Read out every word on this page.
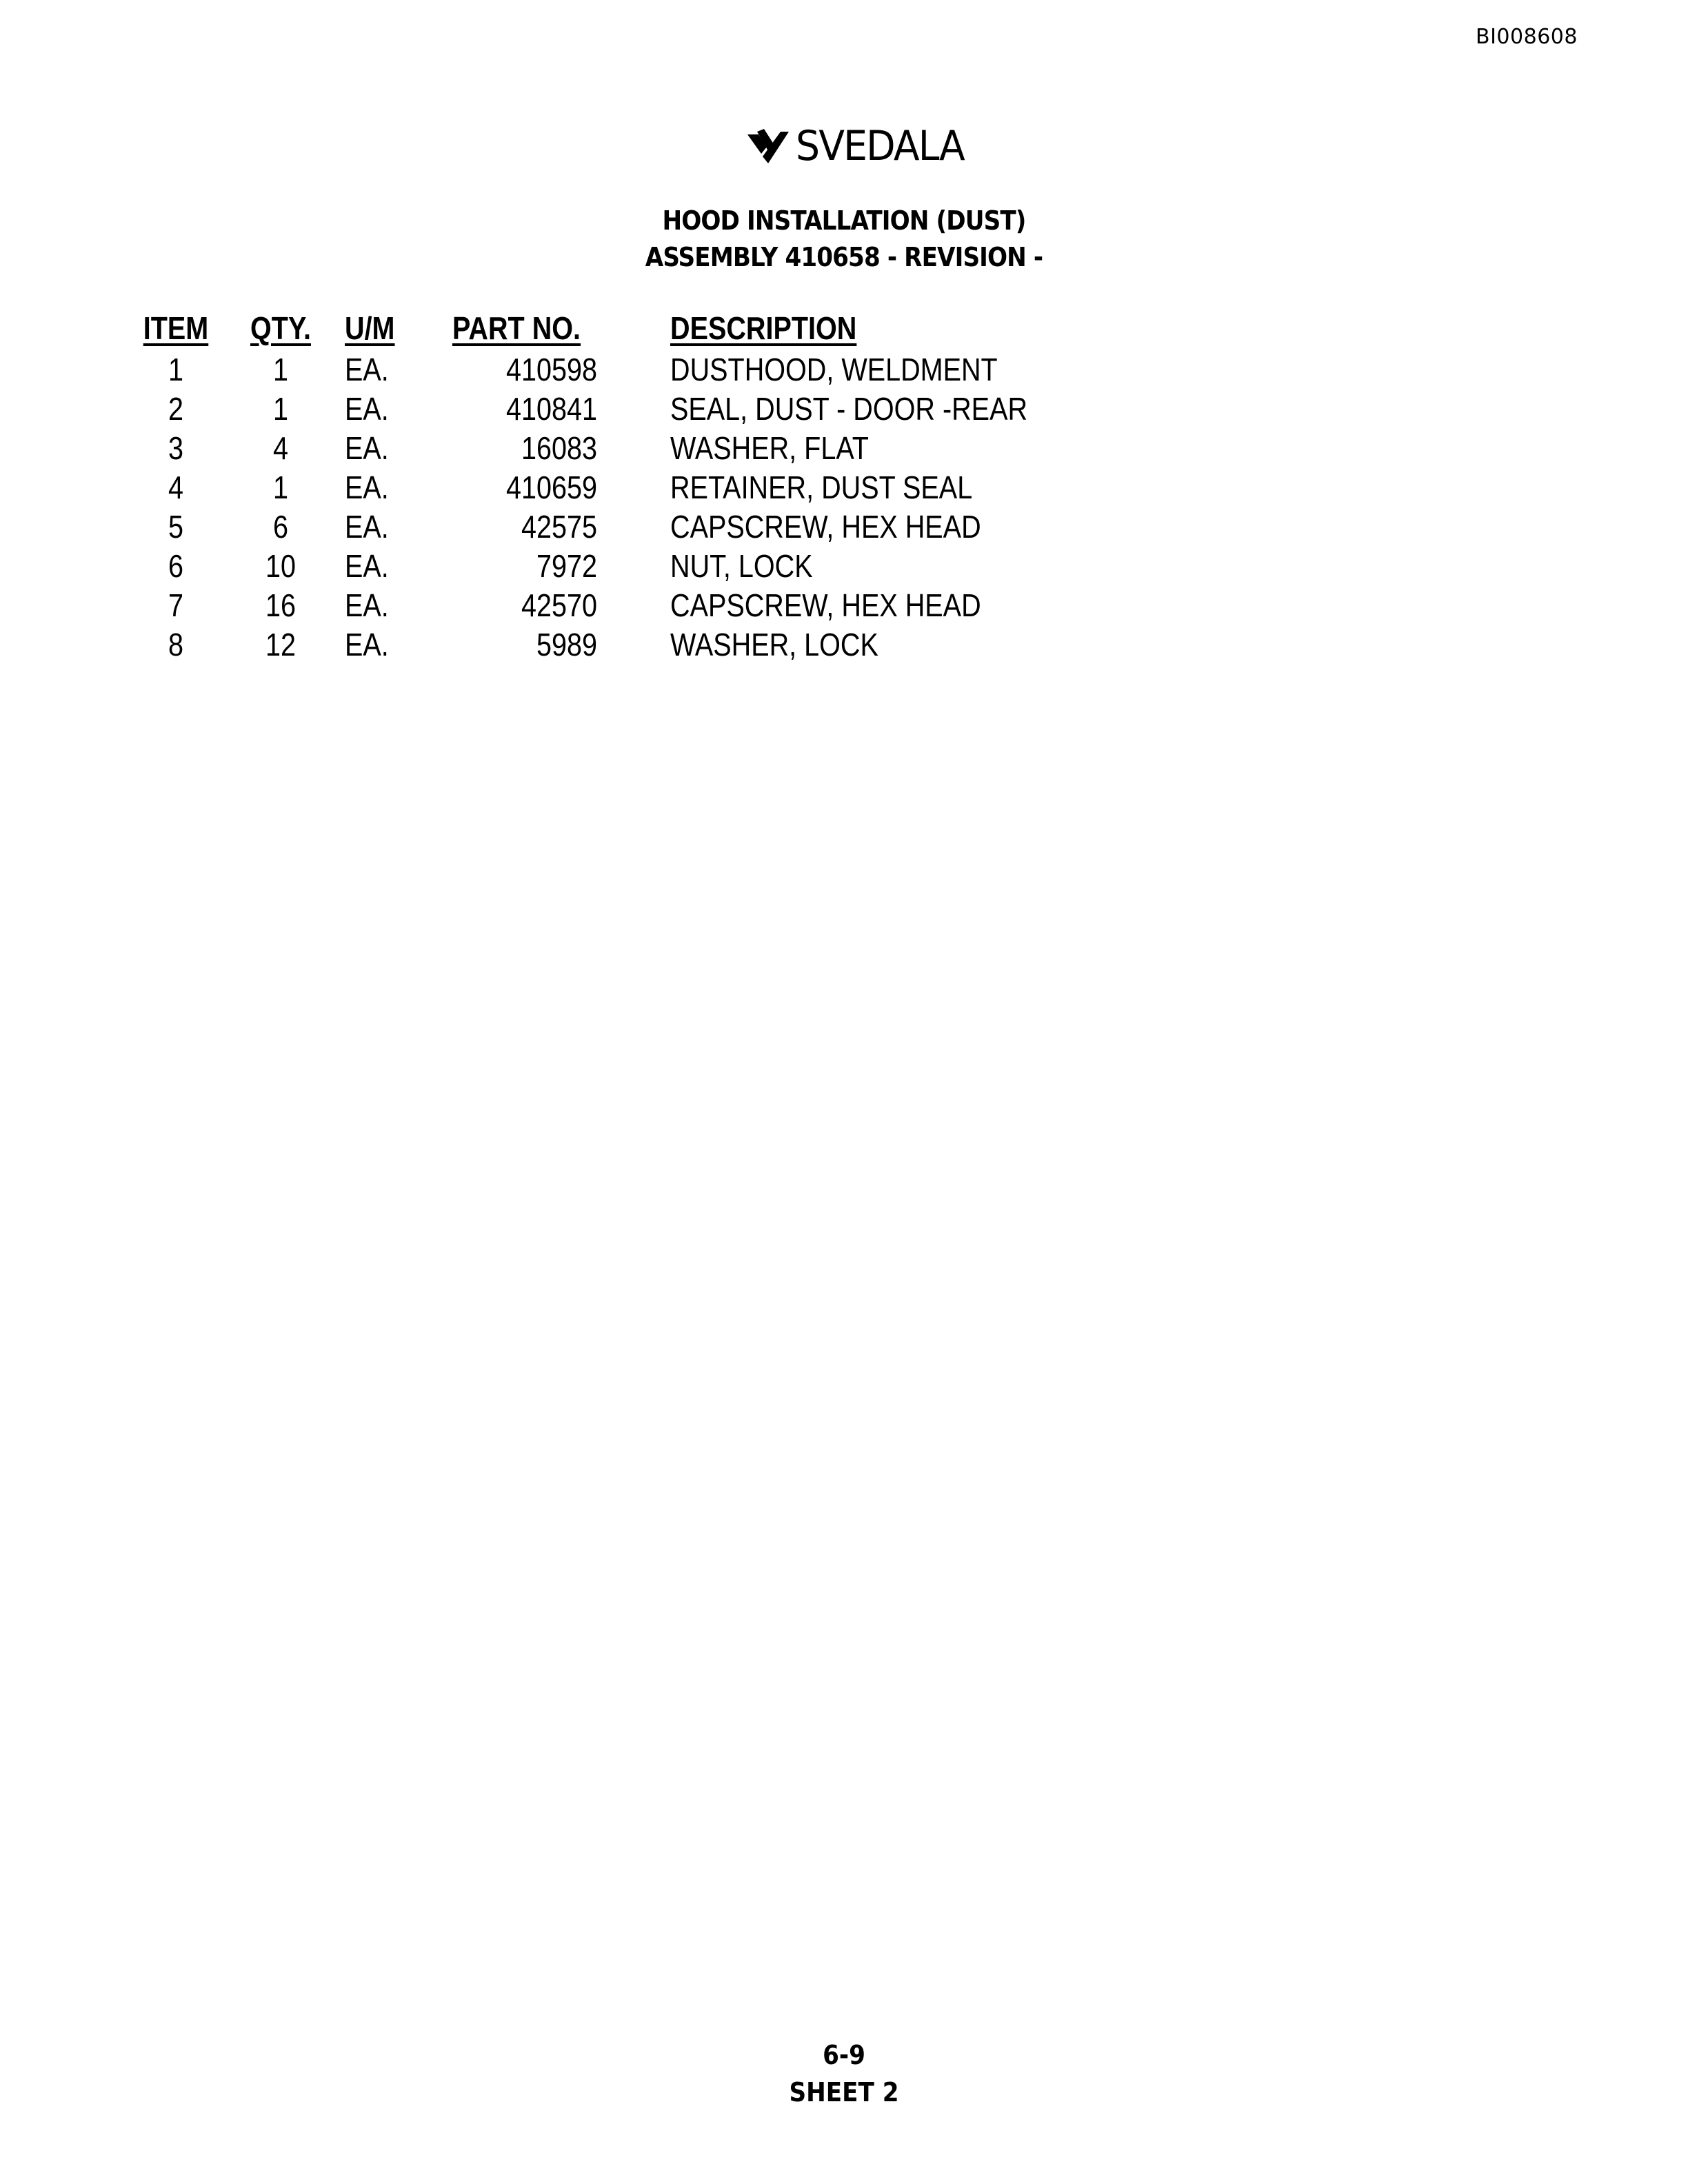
BI008608
SVEDALA
HOOD INSTALLATION (DUST)
ASSEMBLY 410658 - REVISION -
ITEM QTY. U/M	PART NO.	DESCRIPTION
1	1	EA.	410598 DUSTHOOD, WELDMENT
2	1	EA.	410841 SEAL, DUST - DOOR -REAR
3	4	EA.	16083 WASHER, FLAT
4	1	EA.	410659 RETAINER, DUST SEAL
5	6	EA.	42575 CAPSCREW, HEX HEAD
6	10	EA.	7972 NUT, LOCK
7	16	EA.	42570 CAPSCREW, HEX HEAD
8	12	EA.	5989 WASHER, LOCK
6-9
SHEET 2
